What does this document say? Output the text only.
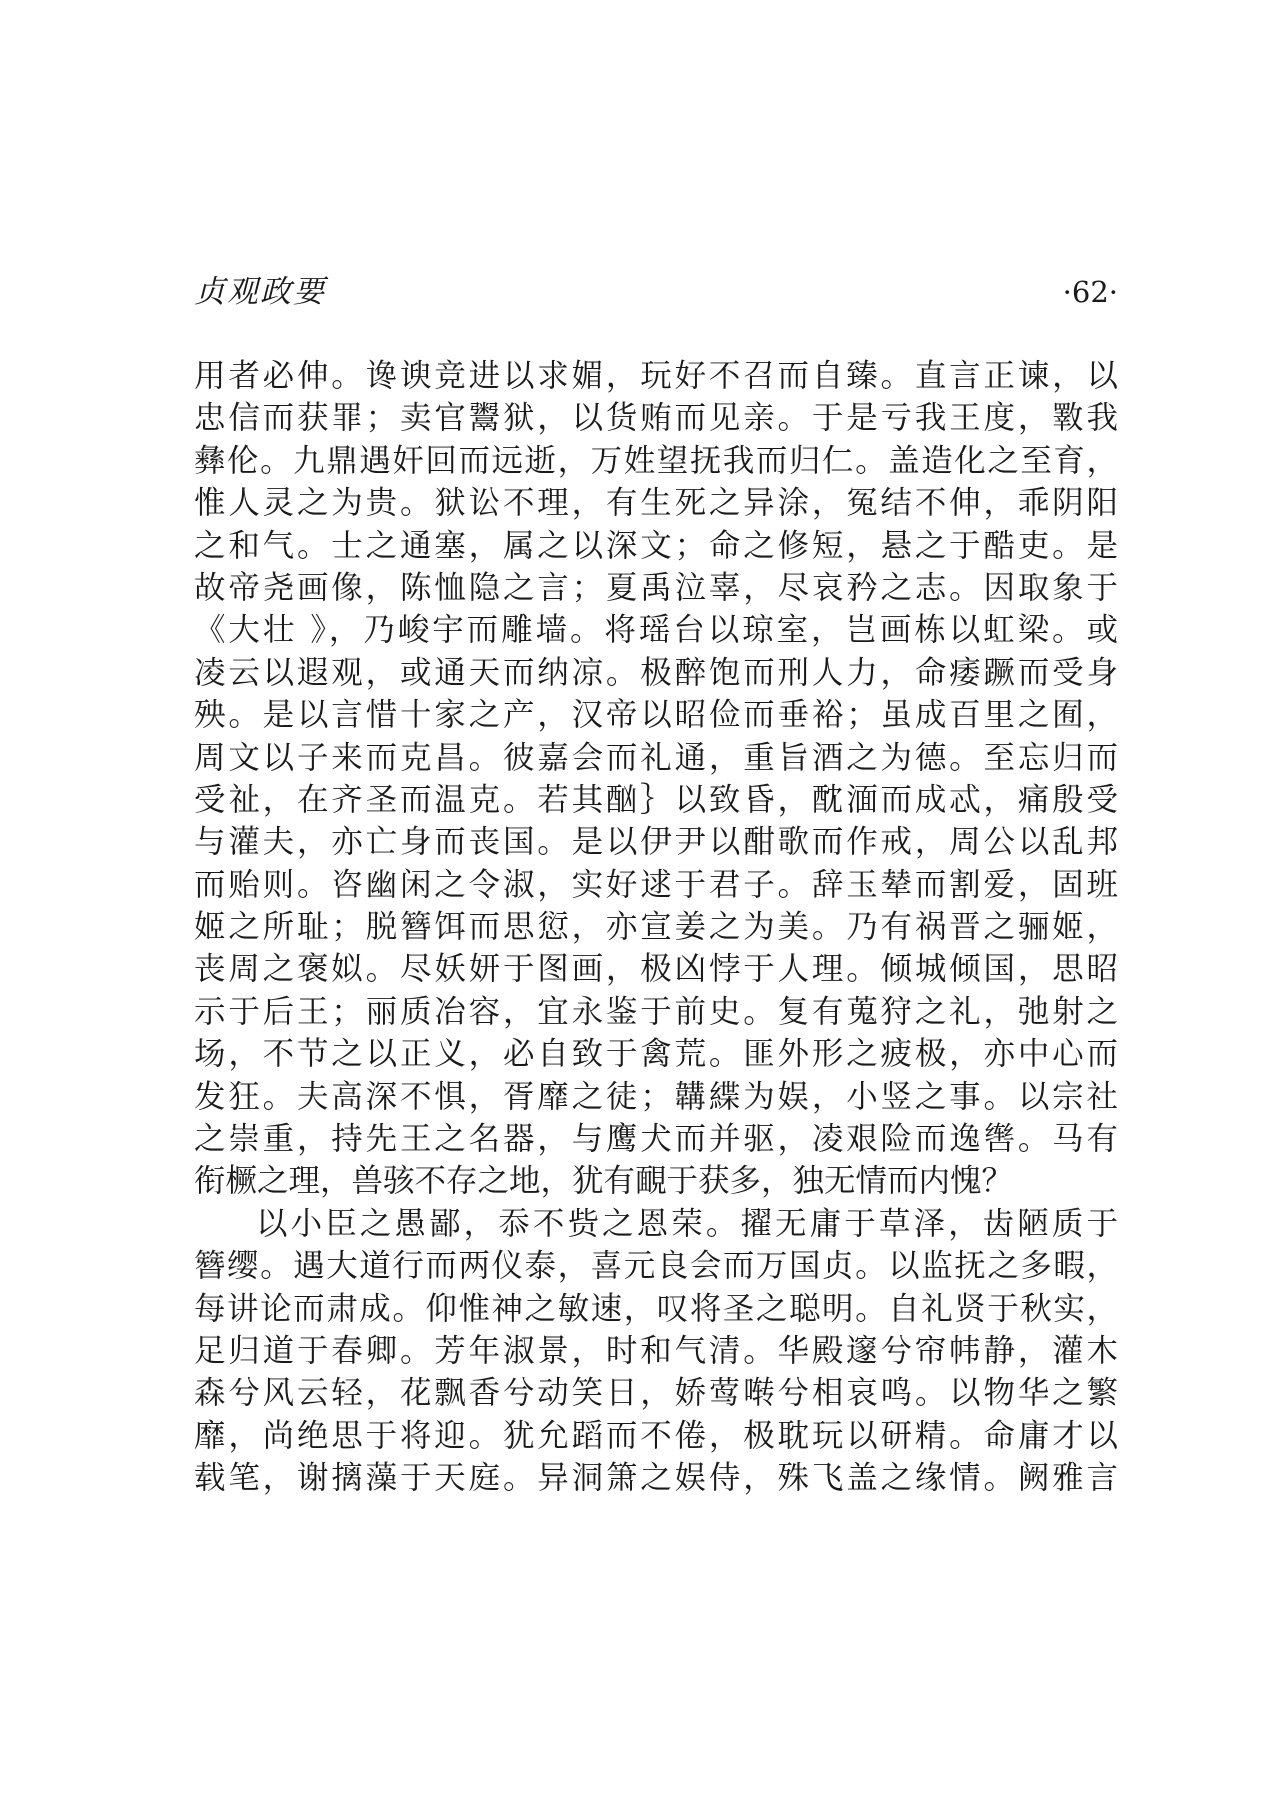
贞观政要	·62·
用者必伸。谗谀竞进以求媚，玩好不召而自臻。直言正谏，以
忠信而获罪；卖官鬻狱，以货贿而见亲。于是亏我王度，斁我
彝伦。九鼎遇奸回而远逝，万姓望抚我而归仁。盖造化之至育，
惟人灵之为贵。狱讼不理，有生死之异涂，冤结不伸，乖阴阳
之和气。士之通塞，属之以深文；命之修短，悬之于酷吏。是
故帝尧画像，陈恤隐之言；夏禹泣辜，尽哀矜之志。因取象于
《大壮 》，乃峻宇而雕墙。将瑶台以琼室，岂画栋以虹梁。或
凌云以遐观，或通天而纳凉。极醉饱而刑人力，命痿蹶而受身
殃。是以言惜十家之产，汉帝以昭俭而垂裕；虽成百里之囿，
周文以子来而克昌。彼嘉会而礼通，重旨酒之为德。至忘归而
受祉，在齐圣而温克。若其酗｝以致昏，酖湎而成忒，痛殷受
与灌夫，亦亡身而丧国。是以伊尹以酣歌而作戒，周公以乱邦
而贻则。咨幽闲之令淑，实好逑于君子。辞玉辇而割爱，固班
姬之所耻；脱簪饵而思愆，亦宣姜之为美。乃有祸晋之骊姬，
丧周之褒姒。尽妖妍于图画，极凶悖于人理。倾城倾国，思昭
示于后王；丽质冶容，宜永鉴于前史。复有蒐狩之礼，弛射之
场，不节之以正义，必自致于禽荒。匪外形之疲极，亦中心而
发狂。夫高深不惧，胥靡之徒；韝緤为娱，小竖之事。以宗社
之崇重，持先王之名器，与鹰犬而并驱，凌艰险而逸辔。马有
衔橛之理，兽骇不存之地，犹有靦于获多，独无情而内愧？
以小臣之愚鄙，忝不赀之恩荣。擢无庸于草泽，齿陋质于
簪缨。遇大道行而两仪泰，喜元良会而万国贞。以监抚之多暇，
每讲论而肃成。仰惟神之敏速，叹将圣之聪明。自礼贤于秋实，
足归道于春卿。芳年淑景，时和气清。华殿邃兮帘帏静，灌木
森兮风云轻，花飘香兮动笑日，娇莺啭兮相哀鸣。以物华之繁
靡，尚绝思于将迎。犹允蹈而不倦，极耽玩以研精。命庸才以
载笔，谢摛藻于天庭。异洞箫之娱侍，殊飞盖之缘情。阙雅言
